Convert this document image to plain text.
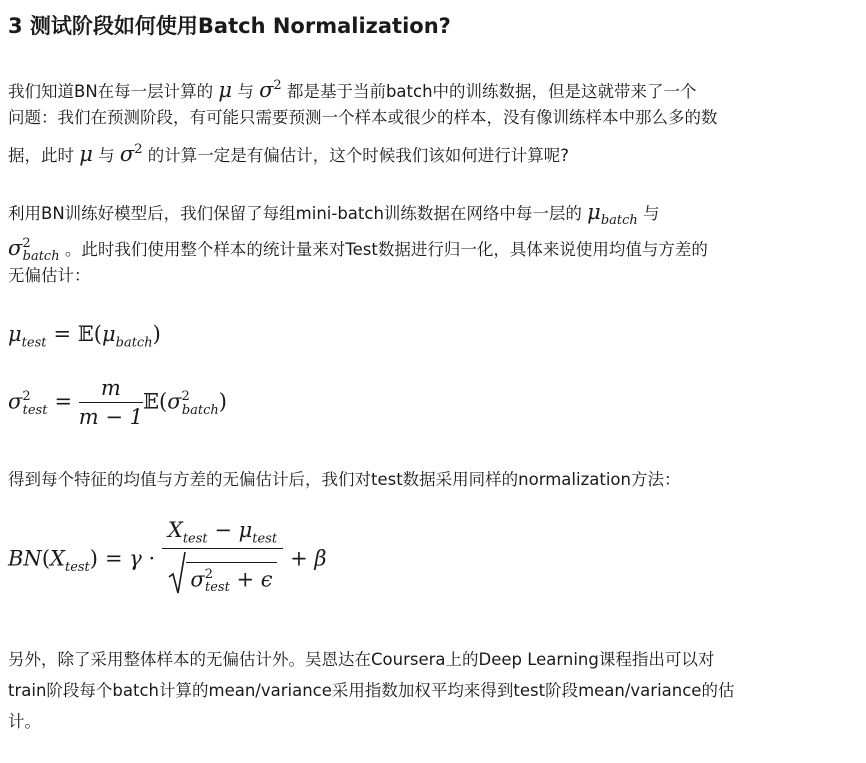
3 测试阶段如何使用Batch Normalization?
我们知道BN在每一层计算的 μ 与 $\sigma^2$ 都是基于当前batch中的训练数据，但是这就带来了一个
问题：我们在预测阶段，有可能只需要预测一个样本或很少的样本，没有像训练样本中那么多的数
据，此时 μ 与 $\sigma^2$ 的计算一定是有偏估计，这个时候我们该如何进行计算呢?
利用BN训练好模型后，我们保留了每组mini-batch训练数据在网络中每一层的 $\mu_{batch}$ 与
$\sigma^2_{batch}$ 。此时我们使用整个样本的统计量来对Test数据进行归一化，具体来说使用均值与方差的
无偏估计：
$\mu_{test}$ = $𝔼(\mu_{batch})$
$\sigma^2_{test} = \frac{m}{m - 1}$ $𝔼(\sigma^2_{batch})$
得到每个特征的均值与方差的无偏估计后，我们对test数据采用同样的normalization方法：
$BN(X_{test}) = \gamma \cdot \frac{X_{test} - \mu_{test}}{\sigma^2_{test} + \epsilon} + \beta$
另外，除了采用整体样本的无偏估计外。吴恩达在Coursera上的Deep Learning课程指出可以对
train阶段每个batch计算的mean/variance采用指数加权平均来得到test阶段mean/variance的估
计。
